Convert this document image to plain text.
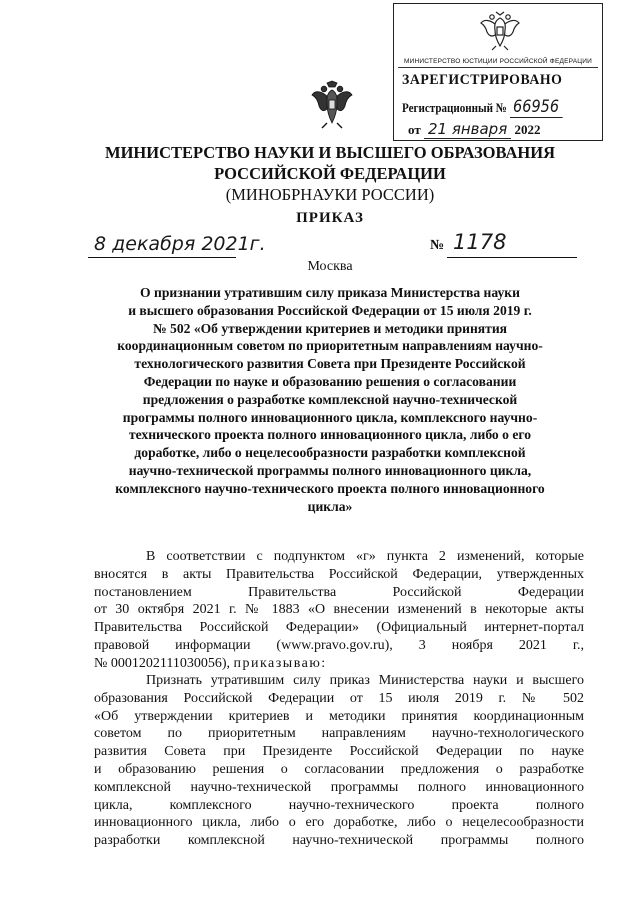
МИНИСТЕРСТВО ЮСТИЦИИ РОССИЙСКОЙ ФЕДЕРАЦИИ
ЗАРЕГИСТРИРОВАНО
Регистрационный № 66956
от 21 января 2022
МИНИСТЕРСТВО НАУКИ И ВЫСШЕГО ОБРАЗОВАНИЯ
РОССИЙСКОЙ ФЕДЕРАЦИИ
(МИНОБРНАУКИ РОССИИ)
ПРИКАЗ
8 декабря 2021г.	№ 1178
Москва
О признании утратившим силу приказа Министерства науки
и высшего образования Российской Федерации от 15 июля 2019 г.
№ 502 «Об утверждении критериев и методики принятия
координационным советом по приоритетным направлениям научно-
технологического развития Совета при Президенте Российской
Федерации по науке и образованию решения о согласовании
предложения о разработке комплексной научно-технической
программы полного инновационного цикла, комплексного научно-
технического проекта полного инновационного цикла, либо о его
доработке, либо о нецелесообразности разработки комплексной
научно-технической программы полного инновационного цикла,
комплексного научно-технического проекта полного инновационного
цикла»
В соответствии с подпунктом «г» пункта 2 изменений, которые
вносятся в акты Правительства Российской Федерации, утвержденных
постановлением Правительства Российской Федерации
от 30 октября 2021 г. № 1883 «О внесении изменений в некоторые акты
Правительства Российской Федерации» (Официальный интернет-портал
правовой информации (www.pravo.gov.ru), 3 ноября 2021 г.,
№ 0001202111030056), приказываю:
Признать утратившим силу приказ Министерства науки и высшего
образования Российской Федерации от 15 июля 2019 г. № 502
«Об утверждении критериев и методики принятия координационным
советом по приоритетным направлениям научно-технологического
развития Совета при Президенте Российской Федерации по науке
и образованию решения о согласовании предложения о разработке
комплексной научно-технической программы полного инновационного
цикла, комплексного научно-технического проекта полного
инновационного цикла, либо о его доработке, либо о нецелесообразности
разработки комплексной научно-технической программы полного
